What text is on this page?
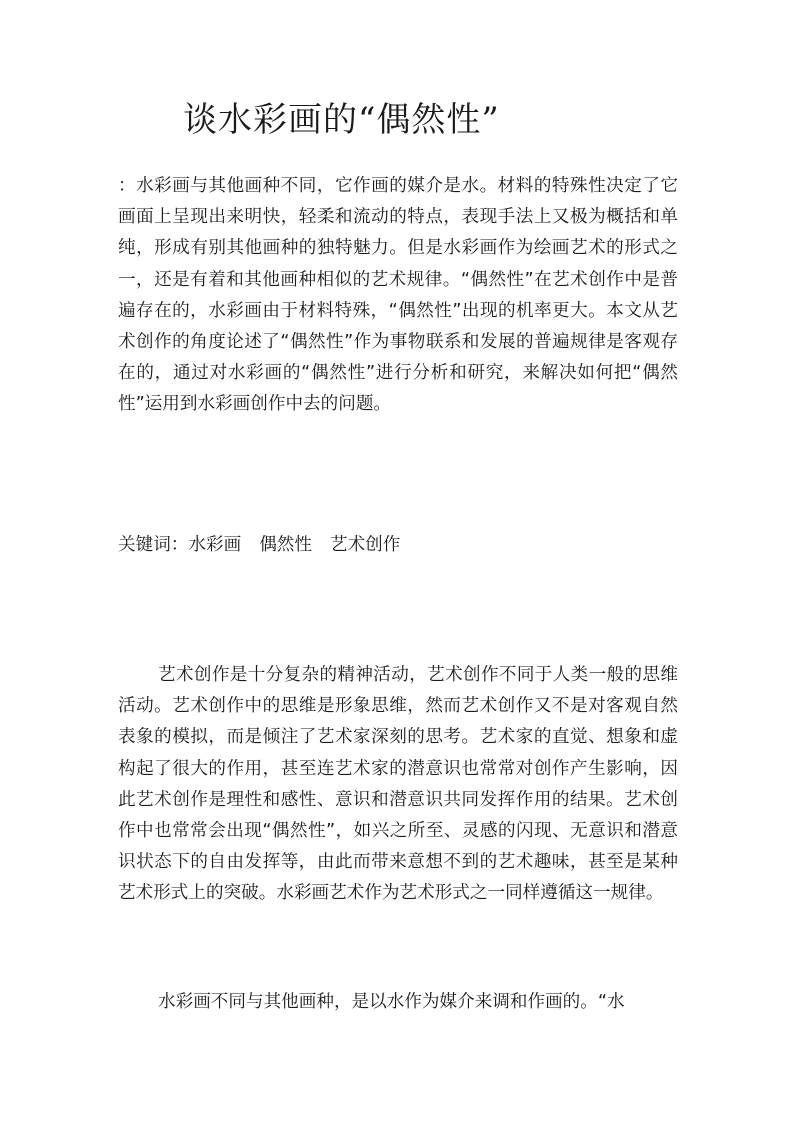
谈水彩画的“偶然性”

：水彩画与其他画种不同，它作画的媒介是水。材料的特殊性决定了它画面上呈现出来明快，轻柔和流动的特点，表现手法上又极为概括和单纯，形成有别其他画种的独特魅力。但是水彩画作为绘画艺术的形式之一，还是有着和其他画种相似的艺术规律。“偶然性”在艺术创作中是普遍存在的，水彩画由于材料特殊，“偶然性”出现的机率更大。本文从艺术创作的角度论述了“偶然性”作为事物联系和发展的普遍规律是客观存在的，通过对水彩画的“偶然性”进行分析和研究，来解决如何把“偶然性”运用到水彩画创作中去的问题。

关键词：水彩画 偶然性 艺术创作

艺术创作是十分复杂的精神活动，艺术创作不同于人类一般的思维活动。艺术创作中的思维是形象思维，然而艺术创作又不是对客观自然表象的模拟，而是倾注了艺术家深刻的思考。艺术家的直觉、想象和虚构起了很大的作用，甚至连艺术家的潜意识也常常对创作产生影响，因此艺术创作是理性和感性、意识和潜意识共同发挥作用的结果。艺术创作中也常常会出现“偶然性”，如兴之所至、灵感的闪现、无意识和潜意识状态下的自由发挥等，由此而带来意想不到的艺术趣味，甚至是某种艺术形式上的突破。水彩画艺术作为艺术形式之一同样遵循这一规律。

水彩画不同与其他画种，是以水作为媒介来调和作画的。“水
